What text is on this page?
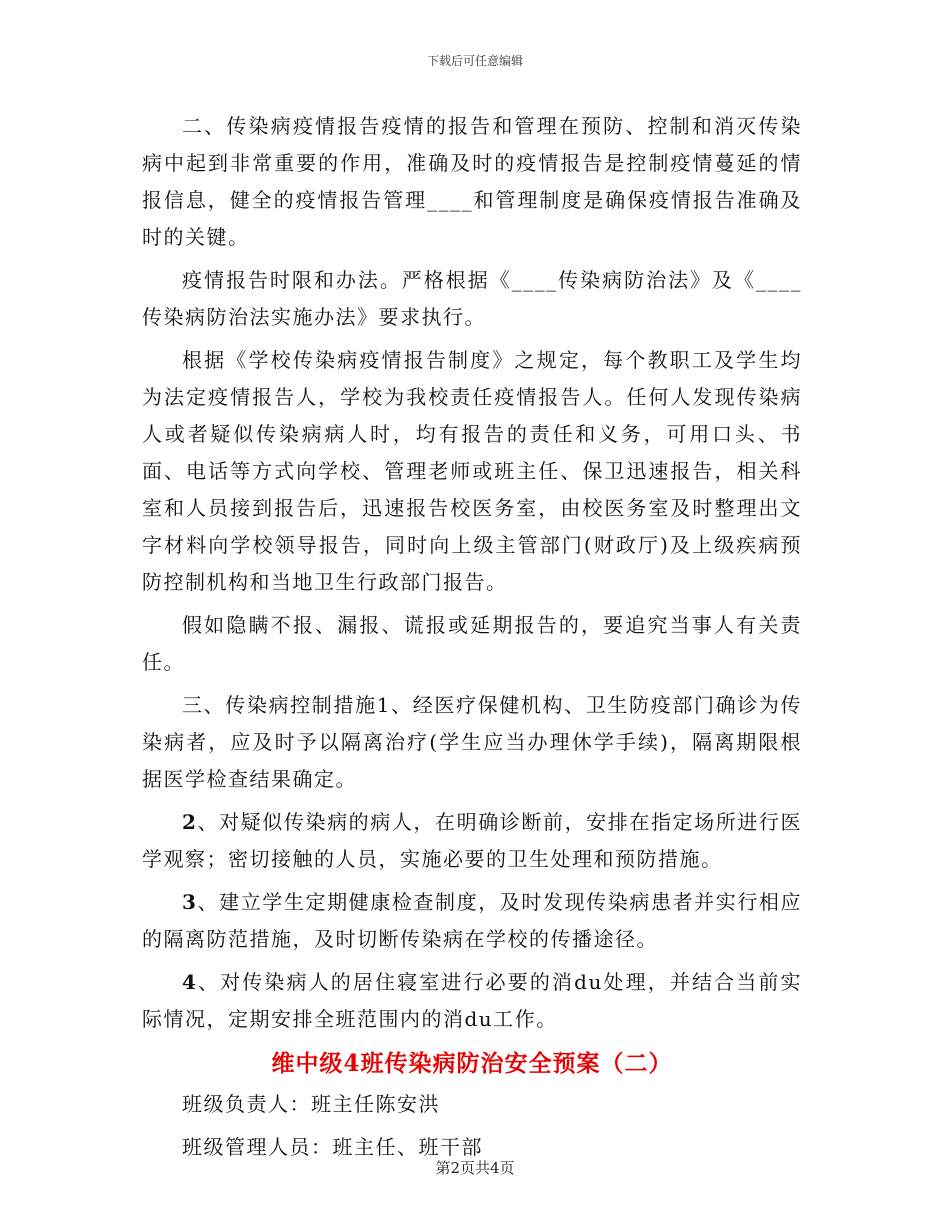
下载后可任意编辑

二、传染病疫情报告疫情的报告和管理在预防、控制和消灭传染病中起到非常重要的作用，准确及时的疫情报告是控制疫情蔓延的情报信息，健全的疫情报告管理____和管理制度是确保疫情报告准确及时的关键。

疫情报告时限和办法。严格根据《____传染病防治法》及《____传染病防治法实施办法》要求执行。

根据《学校传染病疫情报告制度》之规定，每个教职工及学生均为法定疫情报告人，学校为我校责任疫情报告人。任何人发现传染病人或者疑似传染病病人时，均有报告的责任和义务，可用口头、书面、电话等方式向学校、管理老师或班主任、保卫迅速报告，相关科室和人员接到报告后，迅速报告校医务室，由校医务室及时整理出文字材料向学校领导报告，同时向上级主管部门(财政厅)及上级疾病预防控制机构和当地卫生行政部门报告。

假如隐瞒不报、漏报、谎报或延期报告的，要追究当事人有关责任。

三、传染病控制措施1、经医疗保健机构、卫生防疫部门确诊为传染病者，应及时予以隔离治疗(学生应当办理休学手续)，隔离期限根据医学检查结果确定。

2、对疑似传染病的病人，在明确诊断前，安排在指定场所进行医学观察；密切接触的人员，实施必要的卫生处理和预防措施。

3、建立学生定期健康检查制度，及时发现传染病患者并实行相应的隔离防范措施，及时切断传染病在学校的传播途径。

4、对传染病人的居住寝室进行必要的消du处理，并结合当前实际情况，定期安排全班范围内的消du工作。

维中级4班传染病防治安全预案（二）

班级负责人：班主任陈安洪

班级管理人员：班主任、班干部

第2页共4页
